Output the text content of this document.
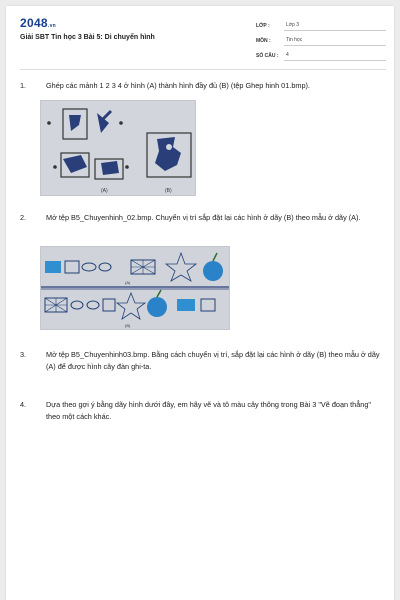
2048.vn
Giải SBT Tin học 3 Bài 5: Di chuyển hình
LỚP :	Lớp 3
MÔN :	Tin học
SỐ CÂU :	4
1.	Ghép các mảnh 1 2 3 4 ở hình (A) thành hình đầy đủ (B) (tệp Ghep hinh 01.bmp).
(A)	(B)
2.	Mở tệp B5_Chuyenhinh_02.bmp. Chuyển vị trí sắp đặt lại các hình ở dãy (B) theo mẫu ở dãy (A).
(A)
(B)
3.	Mở tệp B5_Chuyenhinh03.bmp. Bằng cách chuyển vị trí, sắp đặt lại các hình ở dãy (B) theo mẫu ở dãy (A) để được hình cây đàn ghi-ta.
4.	Dựa theo gợi ý bằng dãy hình dưới đây, em hãy vẽ và tô màu cây thông trong Bài 3 "Vẽ đoạn thẳng" theo một cách khác.
